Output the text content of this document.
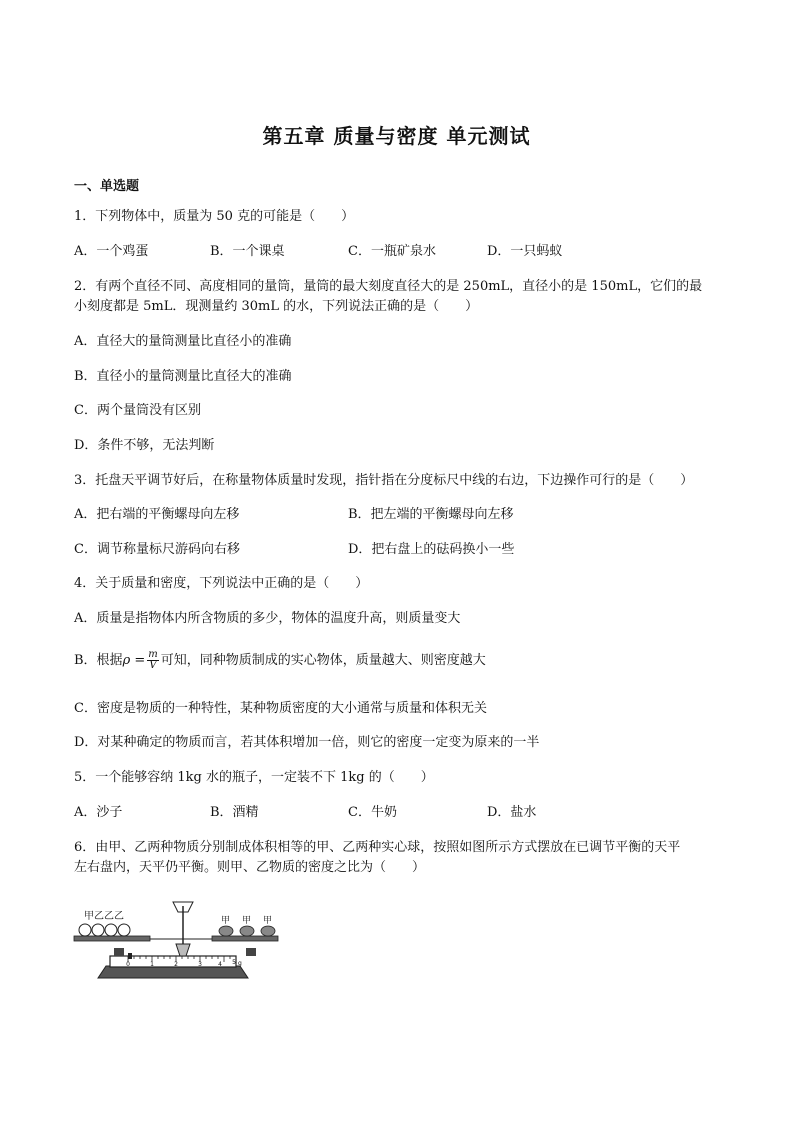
第五章 质量与密度 单元测试
一、单选题
1．下列物体中，质量为 50 克的可能是（　　）
A．一个鸡蛋	B．一个课桌	C．一瓶矿泉水	D．一只蚂蚁
2．有两个直径不同、高度相同的量筒，量筒的最大刻度直径大的是 250mL，直径小的是 150mL，它们的最
小刻度都是 5mL．现测量约 30mL 的水，下列说法正确的是（　　）
A．直径大的量筒测量比直径小的准确
B．直径小的量筒测量比直径大的准确
C．两个量筒没有区别
D．条件不够，无法判断
3．托盘天平调节好后，在称量物体质量时发现，指针指在分度标尺中线的右边，下边操作可行的是（　　）
A．把右端的平衡螺母向左移	B．把左端的平衡螺母向左移
C．调节称量标尺游码向右移	D．把右盘上的砝码换小一些
4．关于质量和密度，下列说法中正确的是（　　）
A．质量是指物体内所含物质的多少，物体的温度升高，则质量变大
B．根据$\rho = \frac{m}{V}$ 可知，同种物质制成的实心物体，质量越大、则密度越大
C．密度是物质的一种特性，某种物质密度的大小通常与质量和体积无关
D．对某种确定的物质而言，若其体积增加一倍，则它的密度一定变为原来的一半
5．一个能够容纳 1kg 水的瓶子，一定装不下 1kg 的（　　）
A．沙子	B．酒精	C．牛奶	D．盐水
6．由甲、乙两种物质分别制成体积相等的甲、乙两种实心球，按照如图所示方式摆放在已调节平衡的天平
左右盘内，天平仍平衡。则甲、乙物质的密度之比为（　　）
0	1	2	3	4 5 g
甲乙乙乙	甲 甲 甲
